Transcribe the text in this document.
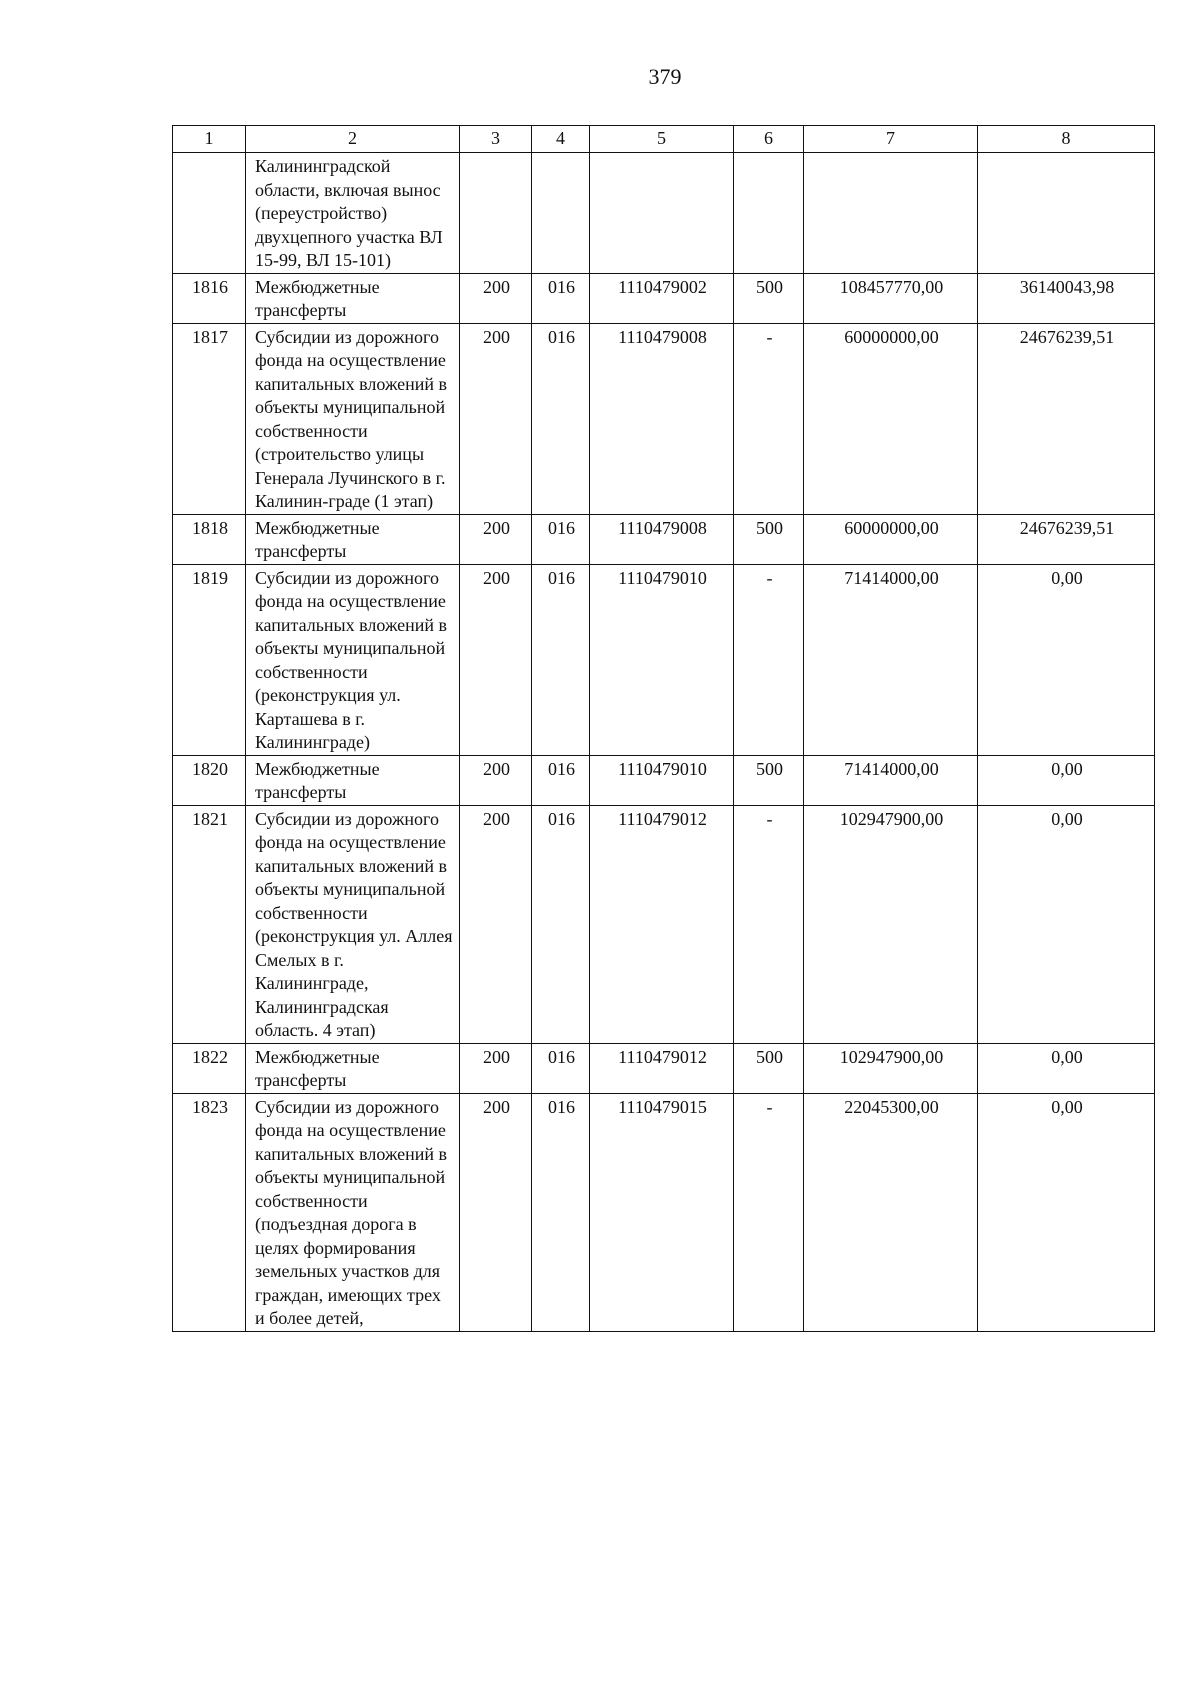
379
1	2	3	4	5	6	7	8
	Калининградской области, включая вынос (переустройство) двухцепного участка ВЛ 15-99, ВЛ 15-101)						
1816	Межбюджетные трансферты	200	016	1110479002	500	108457770,00	36140043,98
1817	Субсидии из дорожного фонда на осуществление капитальных вложений в объекты муниципальной собственности (строительство улицы Генерала Лучинского в г. Калинин-граде (1 этап)	200	016	1110479008	-	60000000,00	24676239,51
1818	Межбюджетные трансферты	200	016	1110479008	500	60000000,00	24676239,51
1819	Субсидии из дорожного фонда на осуществление капитальных вложений в объекты муниципальной собственности (реконструкция ул. Карташева в г. Калининграде)	200	016	1110479010	-	71414000,00	0,00
1820	Межбюджетные трансферты	200	016	1110479010	500	71414000,00	0,00
1821	Субсидии из дорожного фонда на осуществление капитальных вложений в объекты муниципальной собственности (реконструкция ул. Аллея Смелых в г. Калининграде, Калининградская область. 4 этап)	200	016	1110479012	-	102947900,00	0,00
1822	Межбюджетные трансферты	200	016	1110479012	500	102947900,00	0,00
1823	Субсидии из дорожного фонда на осуществление капитальных вложений в объекты муниципальной собственности (подъездная дорога в целях формирования земельных участков для граждан, имеющих трех и более детей,	200	016	1110479015	-	22045300,00	0,00
